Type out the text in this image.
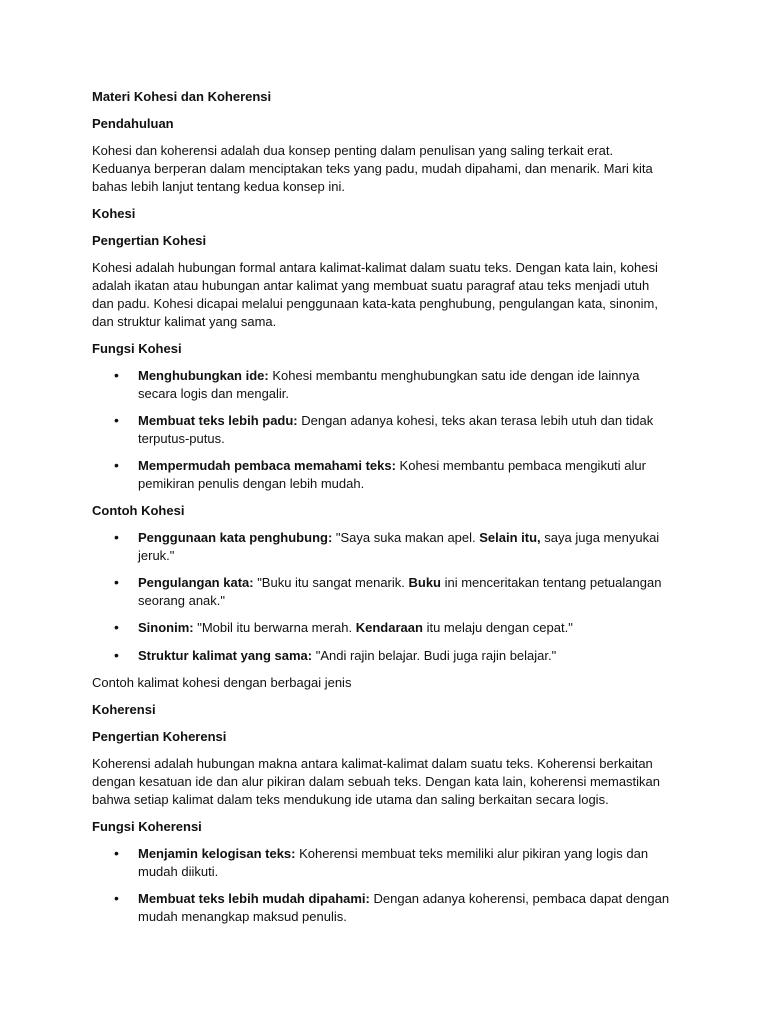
Materi Kohesi dan Koherensi
Pendahuluan
Kohesi dan koherensi adalah dua konsep penting dalam penulisan yang saling terkait erat. Keduanya berperan dalam menciptakan teks yang padu, mudah dipahami, dan menarik. Mari kita bahas lebih lanjut tentang kedua konsep ini.
Kohesi
Pengertian Kohesi
Kohesi adalah hubungan formal antara kalimat-kalimat dalam suatu teks. Dengan kata lain, kohesi adalah ikatan atau hubungan antar kalimat yang membuat suatu paragraf atau teks menjadi utuh dan padu. Kohesi dicapai melalui penggunaan kata-kata penghubung, pengulangan kata, sinonim, dan struktur kalimat yang sama.
Fungsi Kohesi
• Menghubungkan ide: Kohesi membantu menghubungkan satu ide dengan ide lainnya secara logis dan mengalir.
• Membuat teks lebih padu: Dengan adanya kohesi, teks akan terasa lebih utuh dan tidak terputus-putus.
• Mempermudah pembaca memahami teks: Kohesi membantu pembaca mengikuti alur pemikiran penulis dengan lebih mudah.
Contoh Kohesi
• Penggunaan kata penghubung: "Saya suka makan apel. Selain itu, saya juga menyukai jeruk."
• Pengulangan kata: "Buku itu sangat menarik. Buku ini menceritakan tentang petualangan seorang anak."
• Sinonim: "Mobil itu berwarna merah. Kendaraan itu melaju dengan cepat."
• Struktur kalimat yang sama: "Andi rajin belajar. Budi juga rajin belajar."
Contoh kalimat kohesi dengan berbagai jenis
Koherensi
Pengertian Koherensi
Koherensi adalah hubungan makna antara kalimat-kalimat dalam suatu teks. Koherensi berkaitan dengan kesatuan ide dan alur pikiran dalam sebuah teks. Dengan kata lain, koherensi memastikan bahwa setiap kalimat dalam teks mendukung ide utama dan saling berkaitan secara logis.
Fungsi Koherensi
• Menjamin kelogisan teks: Koherensi membuat teks memiliki alur pikiran yang logis dan mudah diikuti.
• Membuat teks lebih mudah dipahami: Dengan adanya koherensi, pembaca dapat dengan mudah menangkap maksud penulis.
